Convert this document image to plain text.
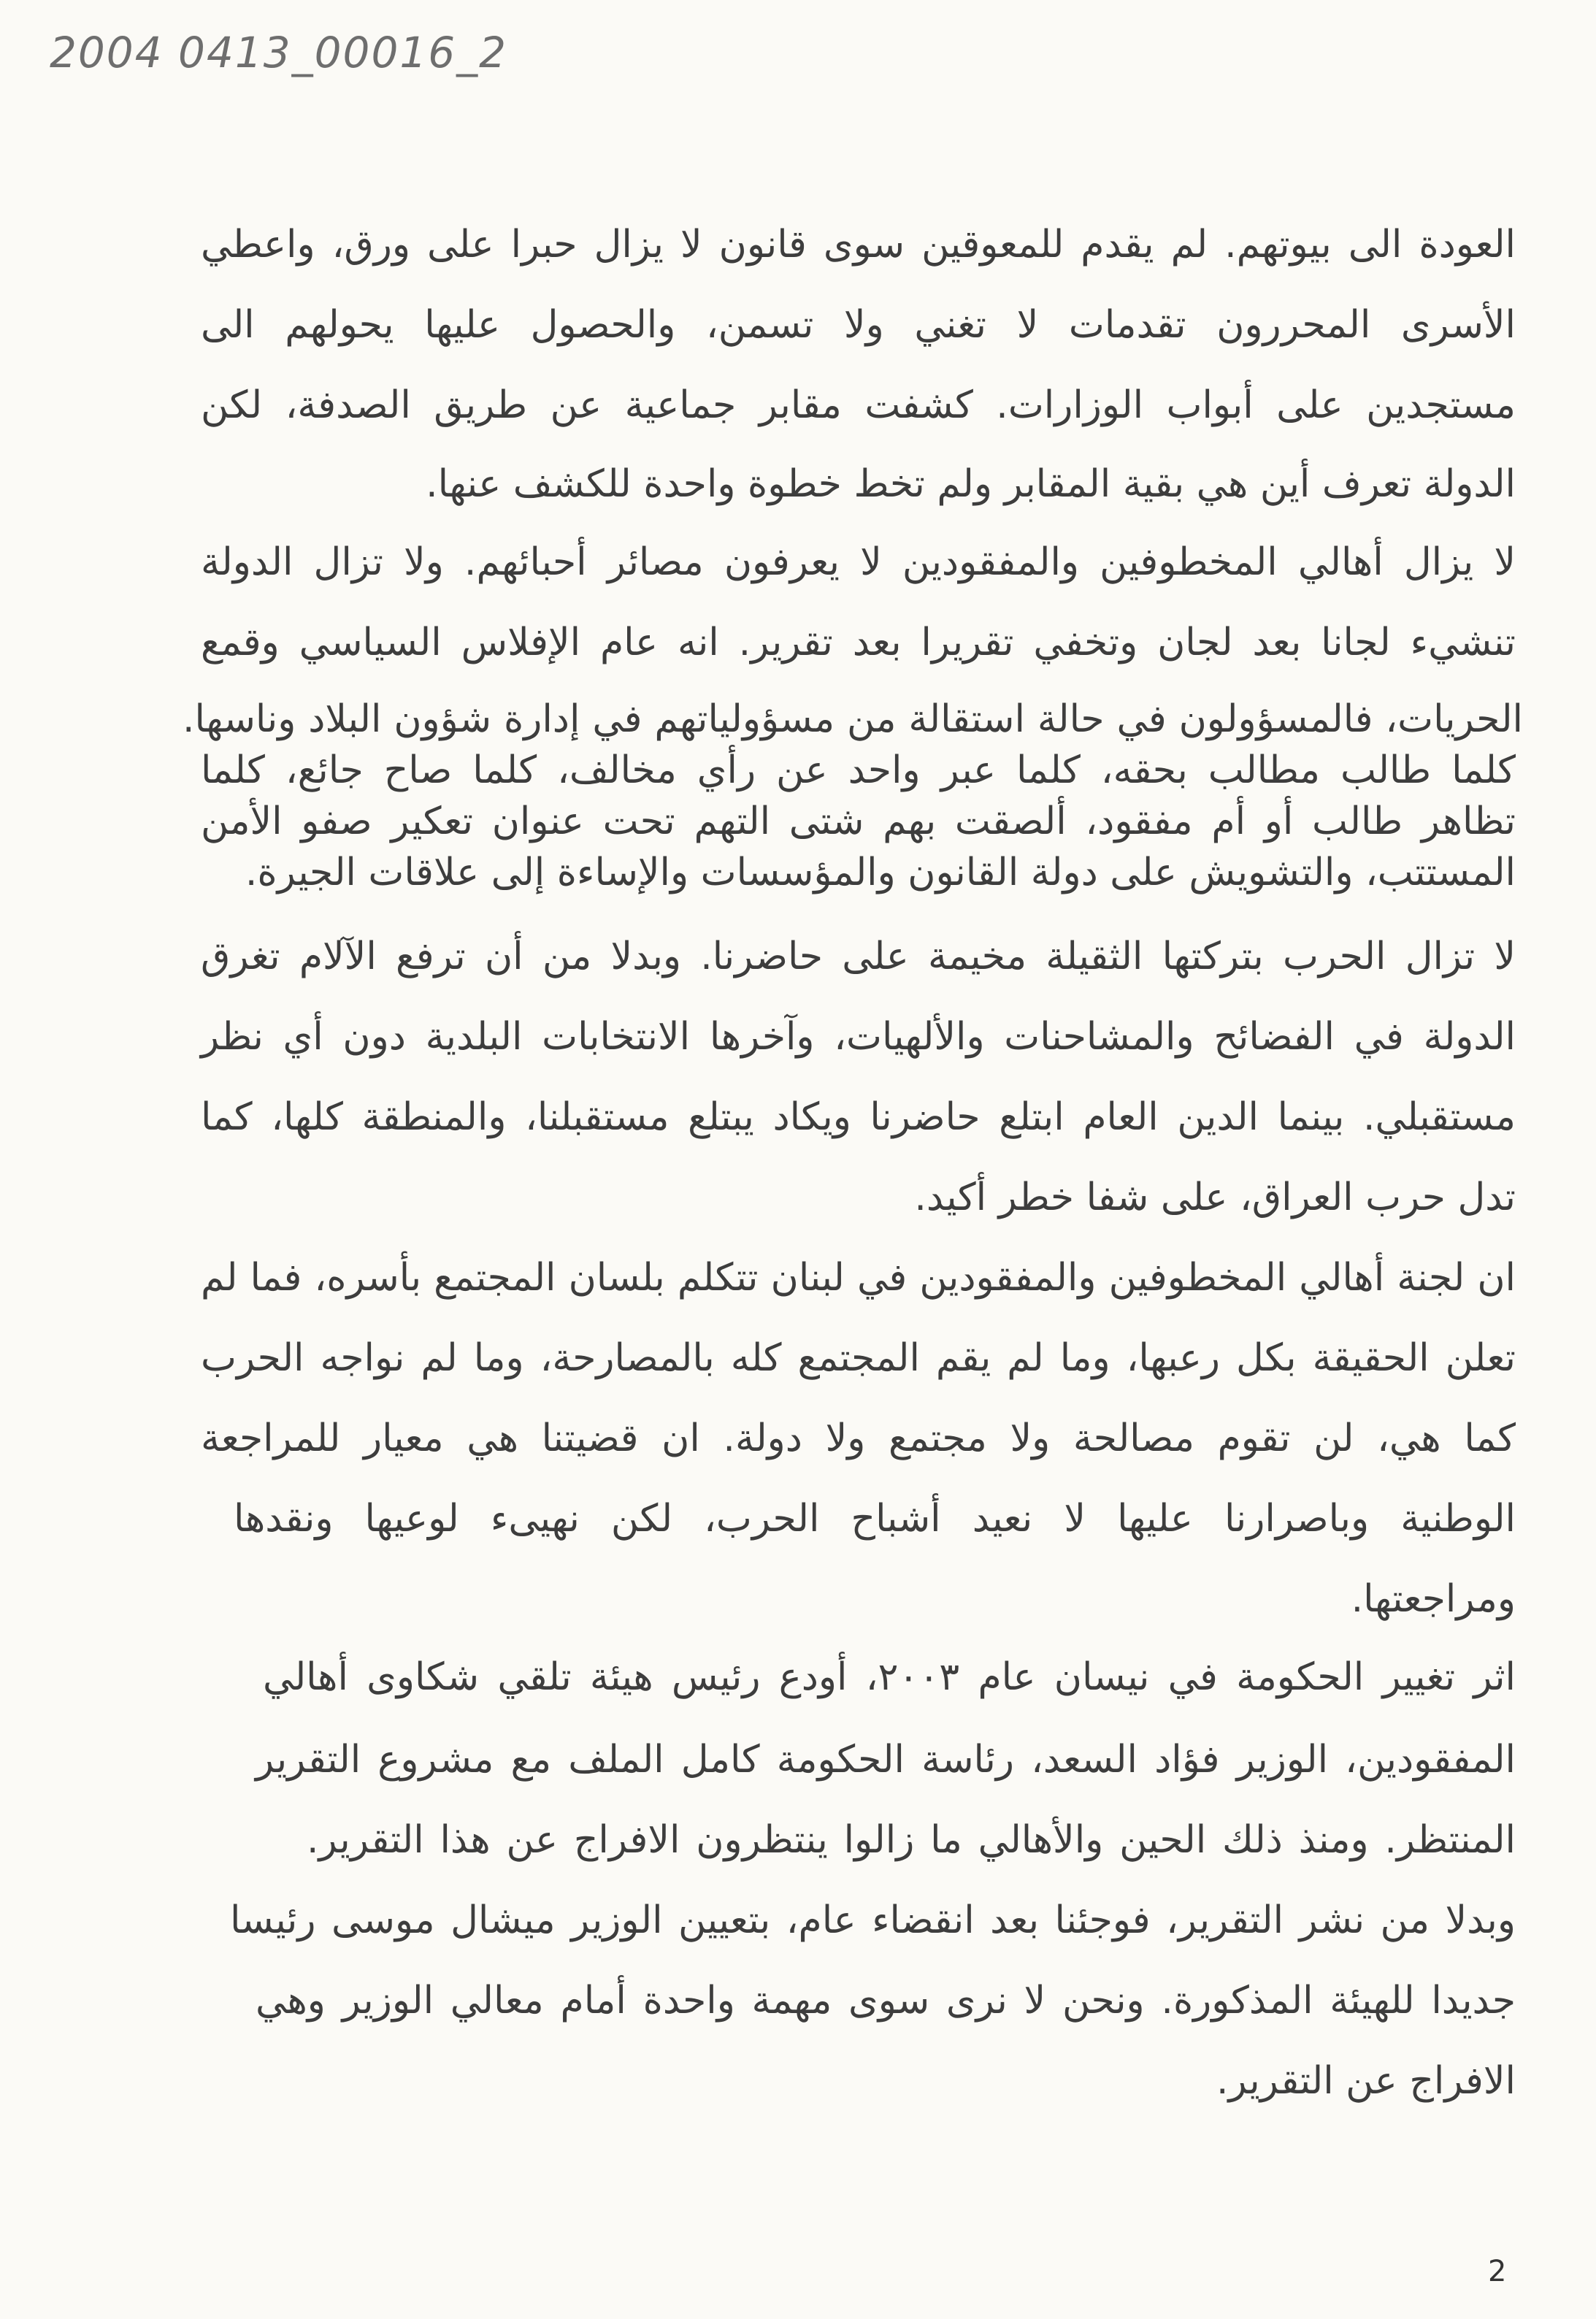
2004 0413_00016_2
العودة الى بيوتهم. لم يقدم للمعوقين سوى قانون لا يزال حبرا على ورق، واعطي
الأسرى المحررون تقدمات لا تغني ولا تسمن، والحصول عليها يحولهم الى
مستجدين على أبواب الوزارات. كشفت مقابر جماعية عن طريق الصدفة، لكن
الدولة تعرف أين هي بقية المقابر ولم تخط خطوة واحدة للكشف عنها.
لا يزال أهالي المخطوفين والمفقودين لا يعرفون مصائر أحبائهم. ولا تزال الدولة
تنشيء لجانا بعد لجان وتخفي تقريرا بعد تقرير. انه عام الإفلاس السياسي وقمع
الحريات، فالمسؤولون في حالة استقالة من مسؤولياتهم في إدارة شؤون البلاد وناسها.
كلما طالب مطالب بحقه، كلما عبر واحد عن رأي مخالف، كلما صاح جائع، كلما
تظاهر طالب أو أم مفقود، ألصقت بهم شتى التهم تحت عنوان تعكير صفو الأمن
المستتب، والتشويش على دولة القانون والمؤسسات والإساءة إلى علاقات الجيرة.
لا تزال الحرب بتركتها الثقيلة مخيمة على حاضرنا. وبدلا من أن ترفع الآلام تغرق
الدولة في الفضائح والمشاحنات والألهيات، وآخرها الانتخابات البلدية دون أي نظر
مستقبلي. بينما الدين العام ابتلع حاضرنا ويكاد يبتلع مستقبلنا، والمنطقة كلها، كما
تدل حرب العراق، على شفا خطر أكيد.
ان لجنة أهالي المخطوفين والمفقودين في لبنان تتكلم بلسان المجتمع بأسره، فما لم
تعلن الحقيقة بكل رعبها، وما لم يقم المجتمع كله بالمصارحة، وما لم نواجه الحرب
كما هي، لن تقوم مصالحة ولا مجتمع ولا دولة. ان قضيتنا هي معيار للمراجعة
الوطنية وباصرارنا عليها لا نعيد أشباح الحرب، لكن نهيىء لوعيها ونقدها
ومراجعتها.
اثر تغيير الحكومة في نيسان عام ٢٠٠٣، أودع رئيس هيئة تلقي شكاوى أهالي
المفقودين، الوزير فؤاد السعد، رئاسة الحكومة كامل الملف مع مشروع التقرير
المنتظر. ومنذ ذلك الحين والأهالي ما زالوا ينتظرون الافراج عن هذا التقرير.
وبدلا من نشر التقرير، فوجئنا بعد انقضاء عام، بتعيين الوزير ميشال موسى رئيسا
جديدا للهيئة المذكورة. ونحن لا نرى سوى مهمة واحدة أمام معالي الوزير وهي
الافراج عن التقرير.
2
